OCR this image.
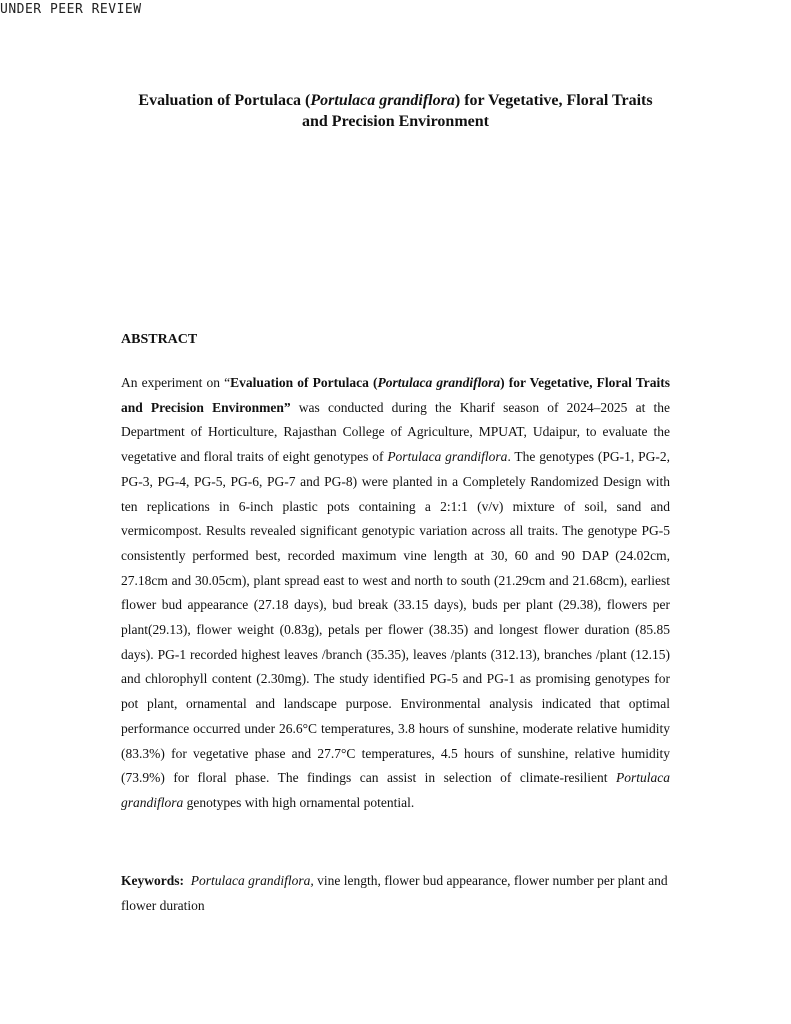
UNDER PEER REVIEW
Evaluation of Portulaca (Portulaca grandiflora) for Vegetative, Floral Traits
and Precision Environment
ABSTRACT
An experiment on “Evaluation of Portulaca (Portulaca grandiflora) for Vegetative, Floral Traits and Precision Environmen” was conducted during the Kharif season of 2024–2025 at the Department of Horticulture, Rajasthan College of Agriculture, MPUAT, Udaipur, to evaluate the vegetative and floral traits of eight genotypes of Portulaca grandiflora. The genotypes (PG-1, PG-2, PG-3, PG-4, PG-5, PG-6, PG-7 and PG-8) were planted in a Completely Randomized Design with ten replications in 6-inch plastic pots containing a 2:1:1 (v/v) mixture of soil, sand and vermicompost. Results revealed significant genotypic variation across all traits. The genotype PG-5 consistently performed best, recorded maximum vine length at 30, 60 and 90 DAP (24.02cm, 27.18cm and 30.05cm), plant spread east to west and north to south (21.29cm and 21.68cm), earliest flower bud appearance (27.18 days), bud break (33.15 days), buds per plant (29.38), flowers per plant(29.13), flower weight (0.83g), petals per flower (38.35) and longest flower duration (85.85 days). PG-1 recorded highest leaves /branch (35.35), leaves /plants (312.13), branches /plant (12.15) and chlorophyll content (2.30mg). The study identified PG-5 and PG-1 as promising genotypes for pot plant, ornamental and landscape purpose. Environmental analysis indicated that optimal performance occurred under 26.6°C temperatures, 3.8 hours of sunshine, moderate relative humidity (83.3%) for vegetative phase and 27.7°C temperatures, 4.5 hours of sunshine, relative humidity (73.9%) for floral phase. The findings can assist in selection of climate-resilient Portulaca grandiflora genotypes with high ornamental potential.
Keywords: Portulaca grandiflora, vine length, flower bud appearance, flower number per plant and flower duration
